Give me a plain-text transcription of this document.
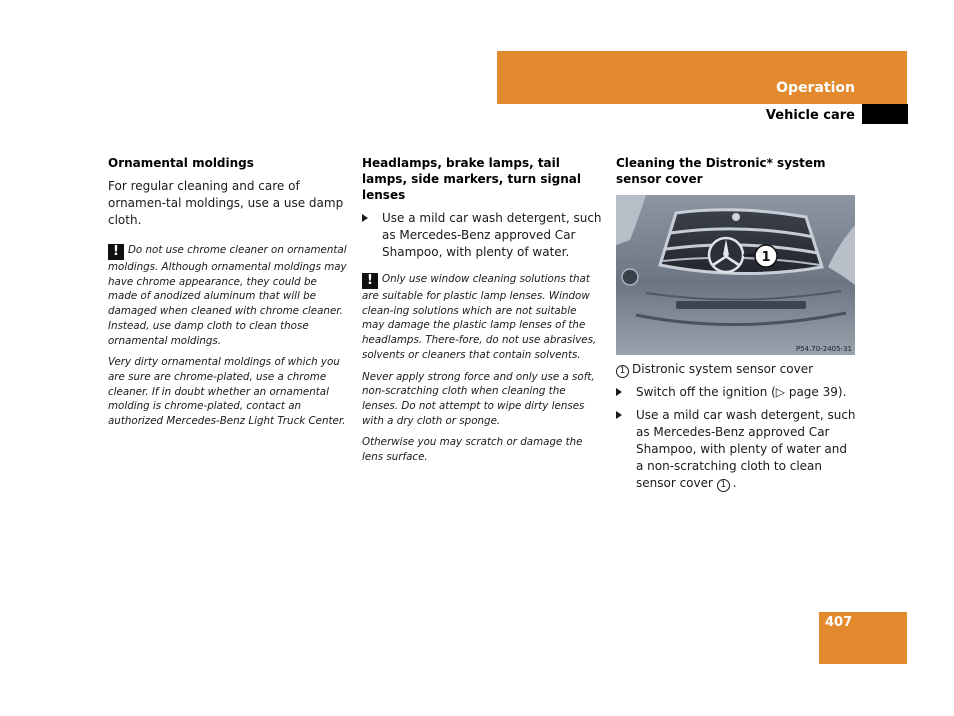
Operation
Vehicle care
Ornamental moldings
For regular cleaning and care of ornamen-tal moldings, use a use damp cloth.
! Do not use chrome cleaner on ornamental moldings. Although ornamental moldings may have chrome appearance, they could be made of anodized aluminum that will be damaged when cleaned with chrome cleaner. Instead, use damp cloth to clean those ornamental moldings.
Very dirty ornamental moldings of which you are sure are chrome-plated, use a chrome cleaner. If in doubt whether an ornamental molding is chrome-plated, contact an authorized Mercedes-Benz Light Truck Center.
Headlamps, brake lamps, tail lamps, side markers, turn signal lenses
Use a mild car wash detergent, such as Mercedes-Benz approved Car Shampoo, with plenty of water.
! Only use window cleaning solutions that are suitable for plastic lamp lenses. Window clean-ing solutions which are not suitable may damage the plastic lamp lenses of the headlamps. There-fore, do not use abrasives, solvents or cleaners that contain solvents.
Never apply strong force and only use a soft, non-scratching cloth when cleaning the lenses. Do not attempt to wipe dirty lenses with a dry cloth or sponge.
Otherwise you may scratch or damage the lens surface.
Cleaning the Distronic* system sensor cover
1
P54.70-2405-31
1 Distronic system sensor cover
Switch off the ignition (▷ page 39).
Use a mild car wash detergent, such as Mercedes-Benz approved Car Shampoo, with plenty of water and a non-scratching cloth to clean sensor cover 1 .
407
